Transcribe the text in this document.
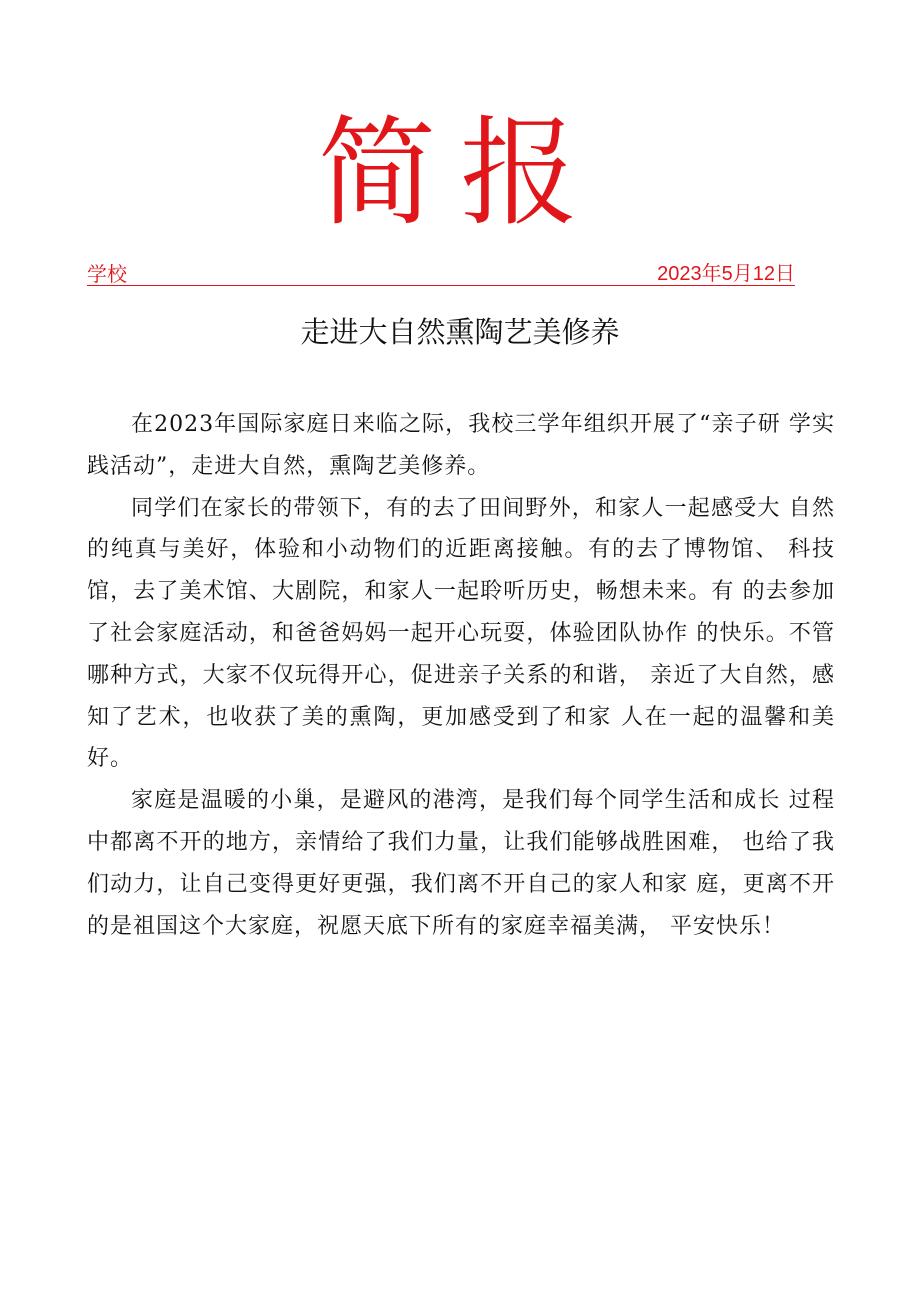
简报
学校	2023年5月12日
走进大自然熏陶艺美修养

在2023年国际家庭日来临之际，我校三学年组织开展了“亲子研 学实践活动”，走进大自然，熏陶艺美修养。

同学们在家长的带领下，有的去了田间野外，和家人一起感受大 自然的纯真与美好，体验和小动物们的近距离接触。有的去了博物馆、 科技馆，去了美术馆、大剧院，和家人一起聆听历史，畅想未来。有 的去参加了社会家庭活动，和爸爸妈妈一起开心玩耍，体验团队协作 的快乐。不管哪种方式，大家不仅玩得开心，促进亲子关系的和谐， 亲近了大自然，感知了艺术，也收获了美的熏陶，更加感受到了和家 人在一起的温馨和美好。

家庭是温暖的小巢，是避风的港湾，是我们每个同学生活和成长 过程中都离不开的地方，亲情给了我们力量，让我们能够战胜困难， 也给了我们动力，让自己变得更好更强，我们离不开自己的家人和家 庭，更离不开的是祖国这个大家庭，祝愿天底下所有的家庭幸福美满， 平安快乐！
